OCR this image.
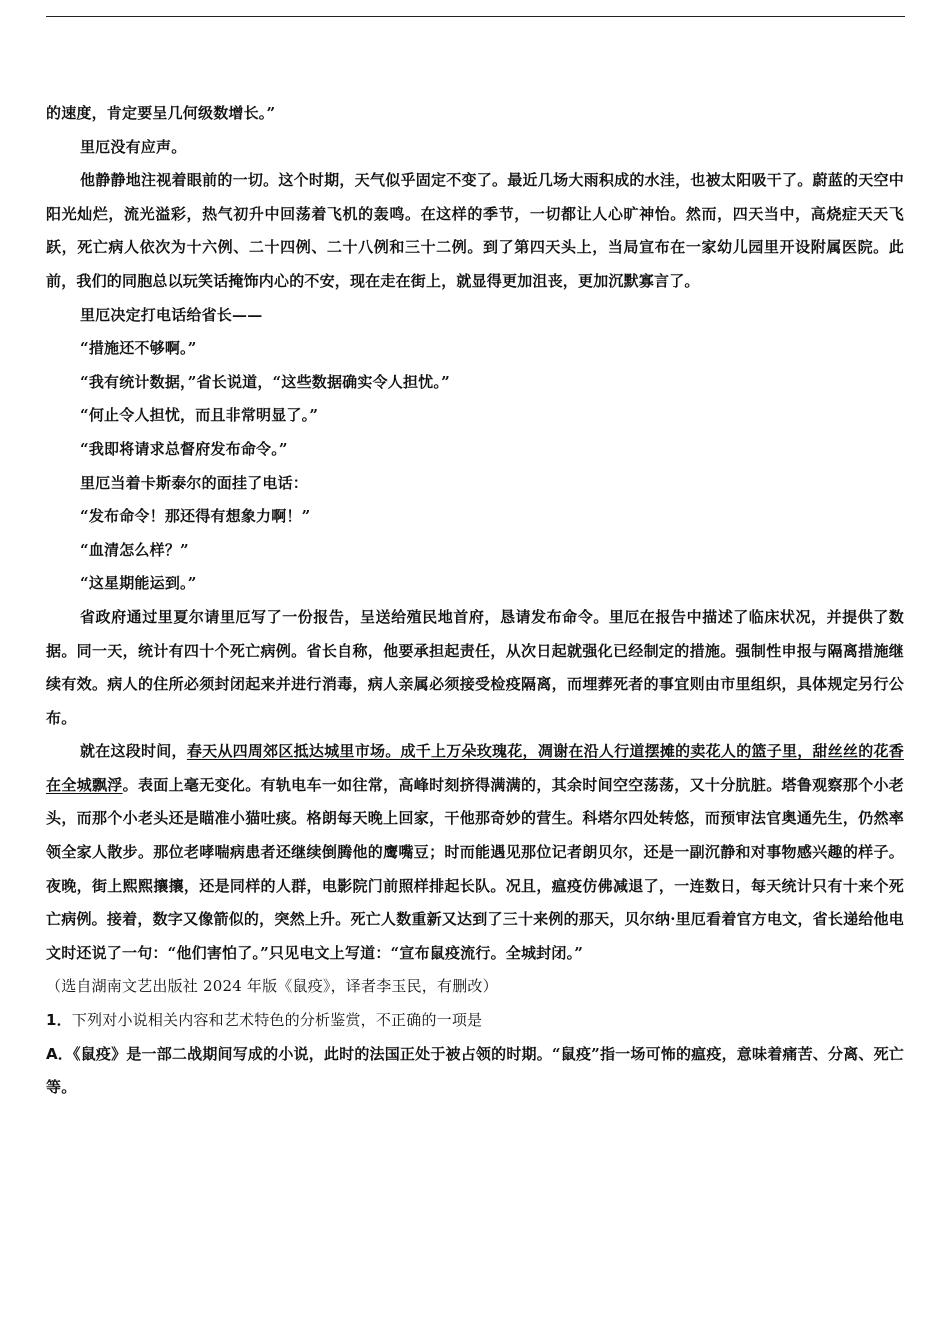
的速度，肯定要呈几何级数增长。”

里厄没有应声。

他静静地注视着眼前的一切。这个时期，天气似乎固定不变了。最近几场大雨积成的水洼，也被太阳吸干了。蔚蓝的天空中阳光灿烂，流光溢彩，热气初升中回荡着飞机的轰鸣。在这样的季节，一切都让人心旷神怡。然而，四天当中，高烧症天天飞跃，死亡病人依次为十六例、二十四例、二十八例和三十二例。到了第四天头上，当局宣布在一家幼儿园里开设附属医院。此前，我们的同胞总以玩笑话掩饰内心的不安，现在走在街上，就显得更加沮丧，更加沉默寡言了。

里厄决定打电话给省长——

“措施还不够啊。”

“我有统计数据，”省长说道，“这些数据确实令人担忧。”

“何止令人担忧，而且非常明显了。”

“我即将请求总督府发布命令。”

里厄当着卡斯泰尔的面挂了电话：

“发布命令！那还得有想象力啊！”

“血清怎么样？”

“这星期能运到。”

省政府通过里夏尔请里厄写了一份报告，呈送给殖民地首府，恳请发布命令。里厄在报告中描述了临床状况，并提供了数据。同一天，统计有四十个死亡病例。省长自称，他要承担起责任，从次日起就强化已经制定的措施。强制性申报与隔离措施继续有效。病人的住所必须封闭起来并进行消毒，病人亲属必须接受检疫隔离，而埋葬死者的事宜则由市里组织，具体规定另行公布。

就在这段时间，春天从四周郊区抵达城里市场。成千上万朵玫瑰花，凋谢在沿人行道摆摊的卖花人的篮子里，甜丝丝的花香在全城飘浮。表面上毫无变化。有轨电车一如往常，高峰时刻挤得满满的，其余时间空空荡荡，又十分肮脏。塔鲁观察那个小老头，而那个小老头还是瞄准小猫吐痰。格朗每天晚上回家，干他那奇妙的营生。科塔尔四处转悠，而预审法官奥通先生，仍然率领全家人散步。那位老哮喘病患者还继续倒腾他的鹰嘴豆；时而能遇见那位记者朗贝尔，还是一副沉静和对事物感兴趣的样子。夜晚，街上熙熙攘攘，还是同样的人群，电影院门前照样排起长队。况且，瘟疫仿佛减退了，一连数日，每天统计只有十来个死亡病例。接着，数字又像箭似的，突然上升。死亡人数重新又达到了三十来例的那天，贝尔纳·里厄看着官方电文，省长递给他电文时还说了一句：“他们害怕了。”只见电文上写道：“宣布鼠疫流行。全城封闭。”

（选自湖南文艺出版社 2024 年版《鼠疫》，译者李玉民，有删改）

1．下列对小说相关内容和艺术特色的分析鉴赏，不正确的一项是

A．《鼠疫》是一部二战期间写成的小说，此时的法国正处于被占领的时期。“鼠疫”指一场可怖的瘟疫，意味着痛苦、分离、死亡等。
